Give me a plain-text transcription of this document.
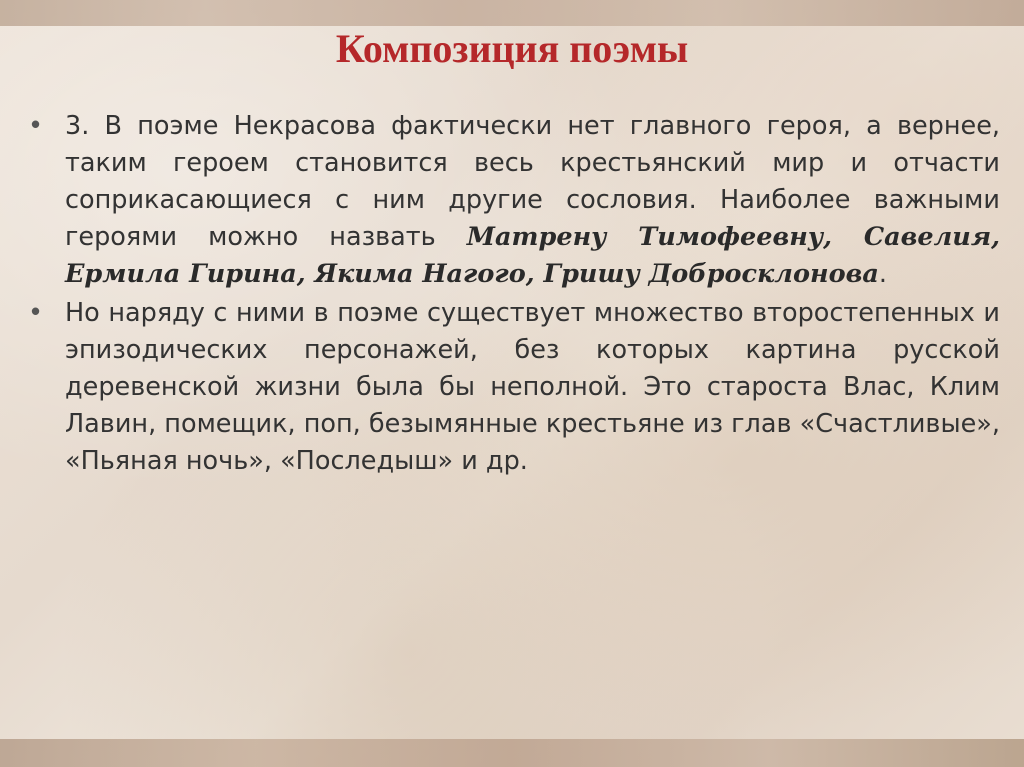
Композиция поэмы

• 3. В поэме Некрасова фактически нет главного героя, а вернее, таким героем становится весь крестьянский мир и отчасти соприкасающиеся с ним другие сословия. Наиболее важными героями можно назвать Матрену Тимофеевну, Савелия, Ермила Гирина, Якима Нагого, Гришу Добросклонова.

• Но наряду с ними в поэме существует множество второстепенных и эпизодических персонажей, без которых картина русской деревенской жизни была бы неполной. Это староста Влас, Клим Лавин, помещик, поп, безымянные крестьяне из глав «Счастливые», «Пьяная ночь», «Последыш» и др.
